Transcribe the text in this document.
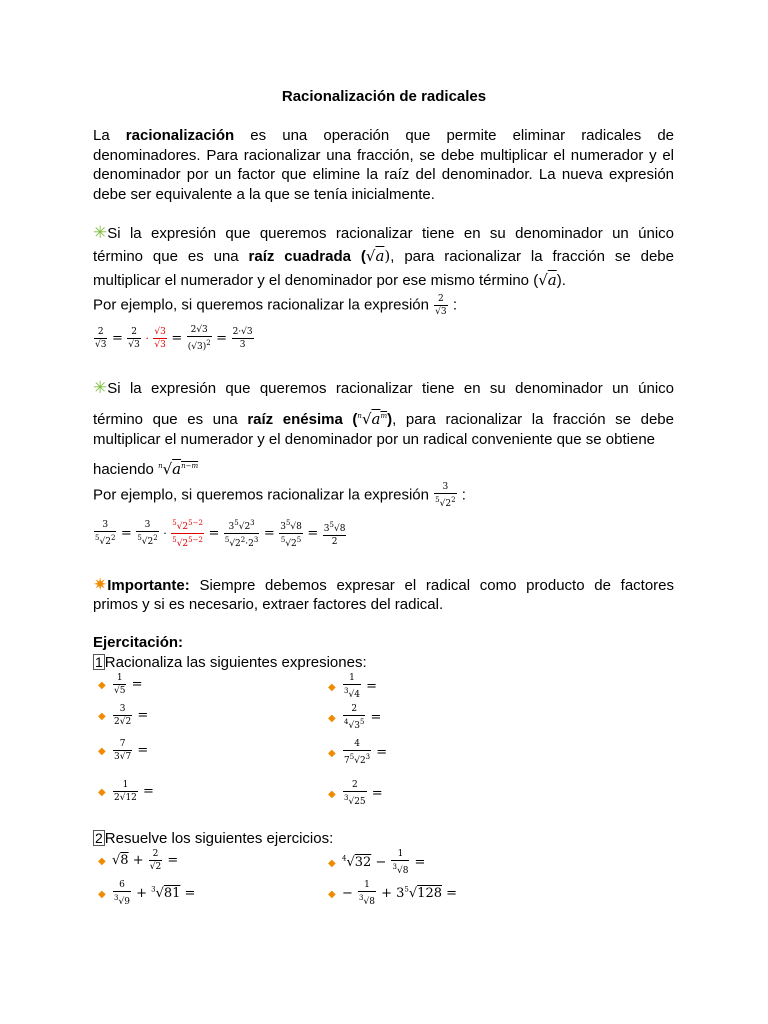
Racionalización de radicales
La racionalización es una operación que permite eliminar radicales de
denominadores. Para racionalizar una fracción, se debe multiplicar el numerador y el
denominador por un factor que elimine la raíz del denominador. La nueva expresión
debe ser equivalente a la que se tenía inicialmente.
✳Si la expresión que queremos racionalizar tiene en su denominador un único
término que es una raíz cuadrada (√a), para racionalizar la fracción se debe
multiplicar el numerador y el denominador por ese mismo término (√a).
Por ejemplo, si queremos racionalizar la expresión $\frac{2}{√3}$ :
$\frac{2}{√3} = \frac{2}{√3} \cdot \frac{√3}{√3} = \frac{2√3}{(√3)^2} = \frac{2\cdot√3}{3}$
✳Si la expresión que queremos racionalizar tiene en su denominador un único
término que es una raíz enésima $(^n√a^m)$, para racionalizar la fracción se debe
multiplicar el numerador y el denominador por un radical conveniente que se obtiene
haciendo $^n√a^{n-m}$
Por ejemplo, si queremos racionalizar la expresión $\frac{3}{^5√2^2}$ :
$\frac{3}{^5√2^2} = \frac{3}{^5√2^2} \cdot \frac{^5√2^{5-2}}{^5√2^{5-2}} = \frac{3^5√2^3}{^5√2^2\cdot 2^3} = \frac{3^5√8}{^5√2^5} = \frac{3^5√8}{2}$
✷Importante: Siempre debemos expresar el radical como producto de factores
primos y si es necesario, extraer factores del radical.
Ejercitación:
1 Racionaliza las siguientes expresiones:
◆ $\frac{1}{√5}$ =
◆ $\frac{3}{2√2}$ =
◆ $\frac{7}{3√7}$ =
◆ $\frac{1}{2√12}$ =
◆ $\frac{1}{^3√4}$ =
◆ $\frac{2}{^4√3^5}$ =
◆ $\frac{4}{7^5√2^3}$ =
◆ $\frac{2}{^3√25}$ =
2 Resuelve los siguientes ejercicios:
◆ $√8 + \frac{2}{√2}$ =
◆ $\frac{6}{^3√9} + ^3√81$ =
◆ $^4√32 - \frac{1}{^3√8}$ =
◆ − $\frac{1}{^3√8} + 3^5√128$ =
